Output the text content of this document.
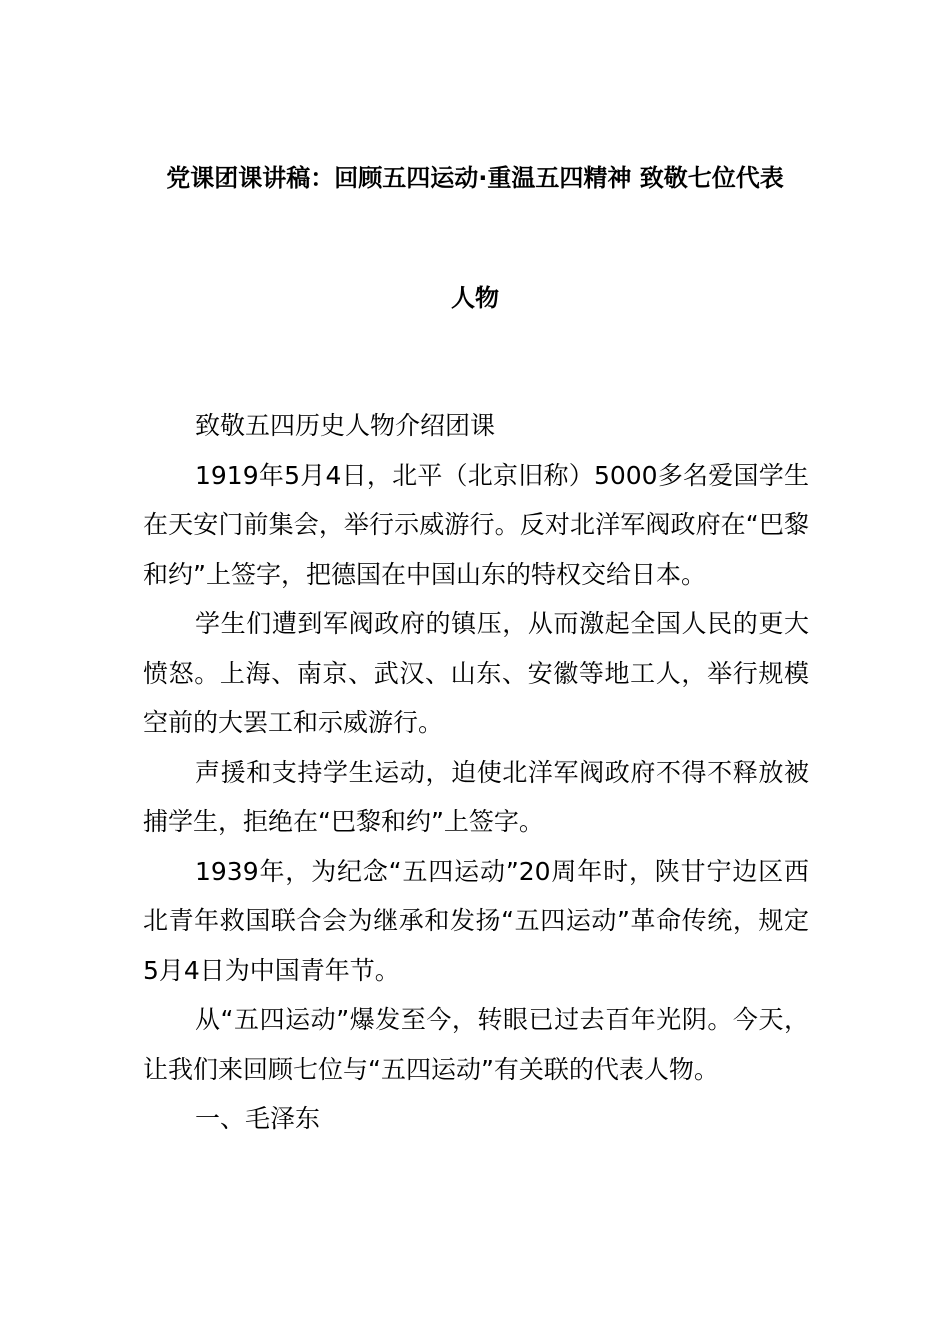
党课团课讲稿：回顾五四运动·重温五四精神 致敬七位代表
人物

致敬五四历史人物介绍团课

1919年5月4日，北平（北京旧称）5000多名爱国学生在天安门前集会，举行示威游行。反对北洋军阀政府在“巴黎和约”上签字，把德国在中国山东的特权交给日本。

学生们遭到军阀政府的镇压，从而激起全国人民的更大愤怒。上海、南京、武汉、山东、安徽等地工人，举行规模空前的大罢工和示威游行。

声援和支持学生运动，迫使北洋军阀政府不得不释放被捕学生，拒绝在“巴黎和约”上签字。

1939年，为纪念“五四运动”20周年时，陕甘宁边区西北青年救国联合会为继承和发扬“五四运动”革命传统，规定5月4日为中国青年节。

从“五四运动”爆发至今，转眼已过去百年光阴。今天，让我们来回顾七位与“五四运动”有关联的代表人物。

一、毛泽东
